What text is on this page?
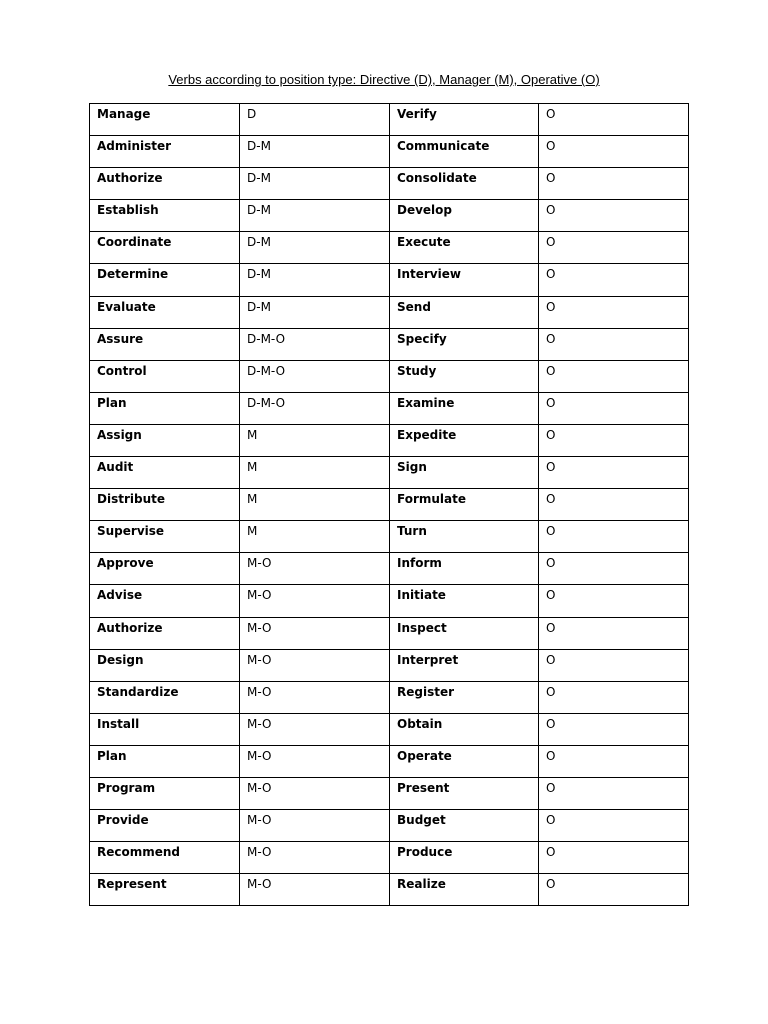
Verbs according to position type: Directive (D), Manager (M), Operative (O)
Manage	D	Verify	O
Administer	D-M	Communicate	O
Authorize	D-M	Consolidate	O
Establish	D-M	Develop	O
Coordinate	D-M	Execute	O
Determine	D-M	Interview	O
Evaluate	D-M	Send	O
Assure	D-M-O	Specify	O
Control	D-M-O	Study	O
Plan	D-M-O	Examine	O
Assign	M	Expedite	O
Audit	M	Sign	O
Distribute	M	Formulate	O
Supervise	M	Turn	O
Approve	M-O	Inform	O
Advise	M-O	Initiate	O
Authorize	M-O	Inspect	O
Design	M-O	Interpret	O
Standardize	M-O	Register	O
Install	M-O	Obtain	O
Plan	M-O	Operate	O
Program	M-O	Present	O
Provide	M-O	Budget	O
Recommend	M-O	Produce	O
Represent	M-O	Realize	O
